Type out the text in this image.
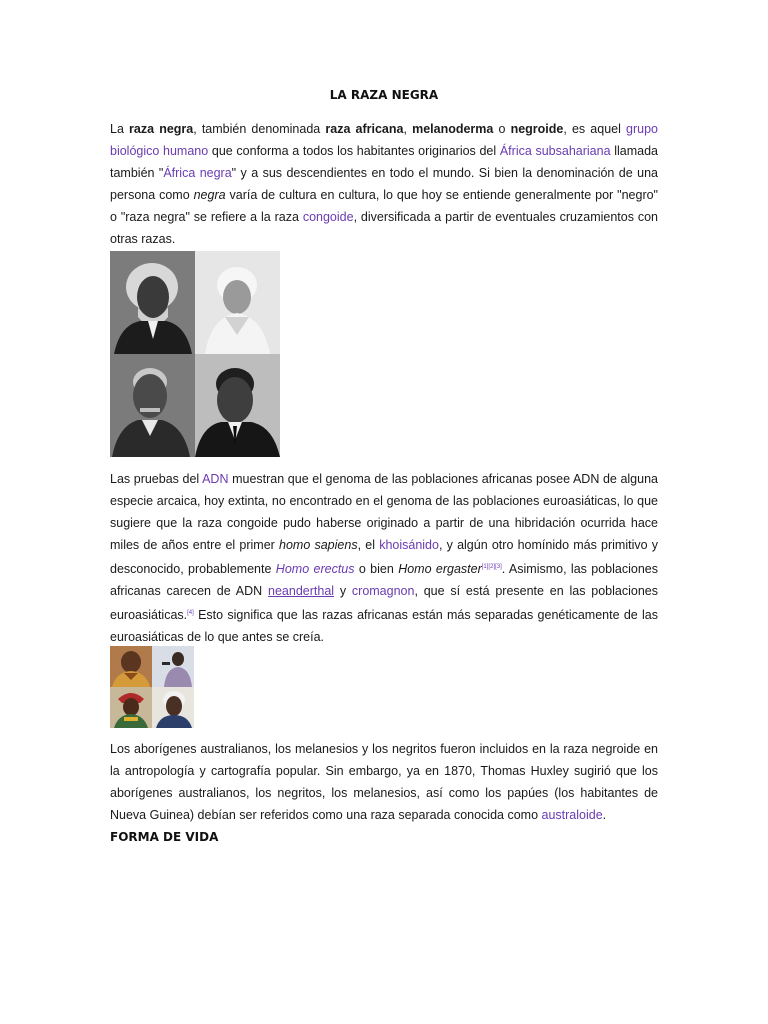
LA RAZA NEGRA
La raza negra, también denominada raza africana, melanoderma o negroide, es aquel grupo biológico humano que conforma a todos los habitantes originarios del África subsahariana llamada también "África negra" y a sus descendientes en todo el mundo. Si bien la denominación de una persona como negra varía de cultura en cultura, lo que hoy se entiende generalmente por "negro" o "raza negra" se refiere a la raza congoide, diversificada a partir de eventuales cruzamientos con otras razas.
Las pruebas del ADN muestran que el genoma de las poblaciones africanas posee ADN de alguna especie arcaica, hoy extinta, no encontrado en el genoma de las poblaciones euroasiáticas, lo que sugiere que la raza congoide pudo haberse originado a partir de una hibridación ocurrida hace miles de años entre el primer homo sapiens, el khoisánido, y algún otro homínido más primitivo y desconocido, probablemente Homo erectus o bien Homo ergaster[1][2][3]. Asimismo, las poblaciones africanas carecen de ADN neanderthal y cromagnon, que sí está presente en las poblaciones euroasiáticas.[4] Esto significa que las razas africanas están más separadas genéticamente de las euroasiáticas de lo que antes se creía.
Los aborígenes australianos, los melanesios y los negritos fueron incluidos en la raza negroide en la antropología y cartografía popular. Sin embargo, ya en 1870, Thomas Huxley sugirió que los aborígenes australianos, los negritos, los melanesios, así como los papúes (los habitantes de Nueva Guinea) debían ser referidos como una raza separada conocida como australoide.
FORMA DE VIDA
